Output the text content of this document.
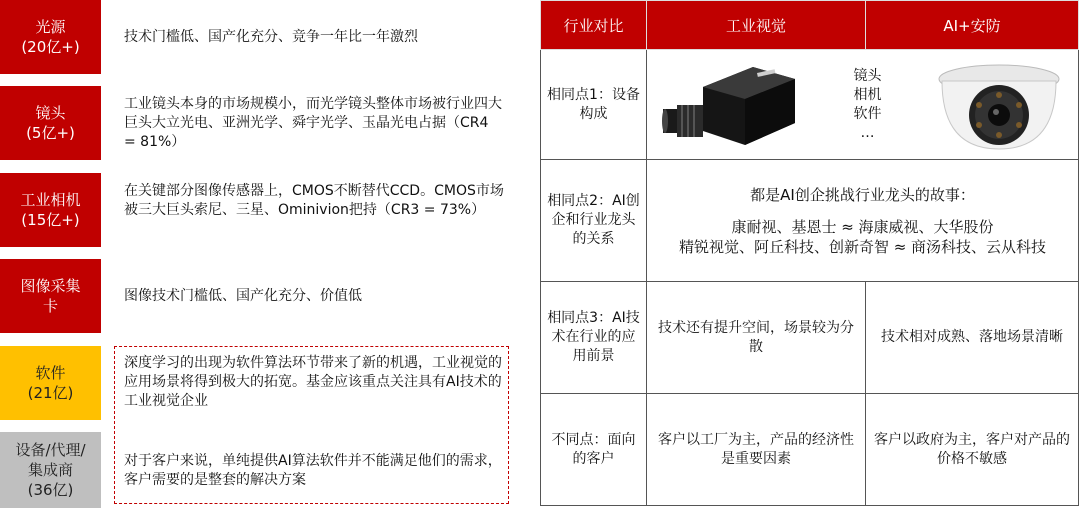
光源
(20亿+)
技术门槛低、国产化充分、竞争一年比一年激烈
镜头
(5亿+)
工业镜头本身的市场规模小，而光学镜头整体市场被行业四大巨头大立光电、亚洲光学、舜宇光学、玉晶光电占据（CR4 = 81%）
工业相机
(15亿+)
在关键部分图像传感器上，CMOS不断替代CCD。CMOS市场被三大巨头索尼、三星、Ominivion把持（CR3 = 73%）
图像采集
卡
图像技术门槛低、国产化充分、价值低
软件
(21亿)
深度学习的出现为软件算法环节带来了新的机遇，工业视觉的应用场景将得到极大的拓宽。基金应该重点关注具有AI技术的工业视觉企业
设备/代理/
集成商
(36亿)
对于客户来说，单纯提供AI算法软件并不能满足他们的需求，客户需要的是整套的解决方案
行业对比	工业视觉	AI+安防
相同点1：设备构成	镜头
相机
软件
…	

相同点2：AI创企和行业龙头的关系	都是AI创企挑战行业龙头的故事：
康耐视、基恩士 ≈ 海康威视、大华股份
精锐视觉、阿丘科技、创新奇智 ≈ 商汤科技、云从科技	

相同点3：AI技术在行业的应用前景	技术还有提升空间，场景较为分散	技术相对成熟、落地场景清晰
不同点：面向的客户	客户以工厂为主，产品的经济性是重要因素	客户以政府为主，客户对产品的价格不敏感
